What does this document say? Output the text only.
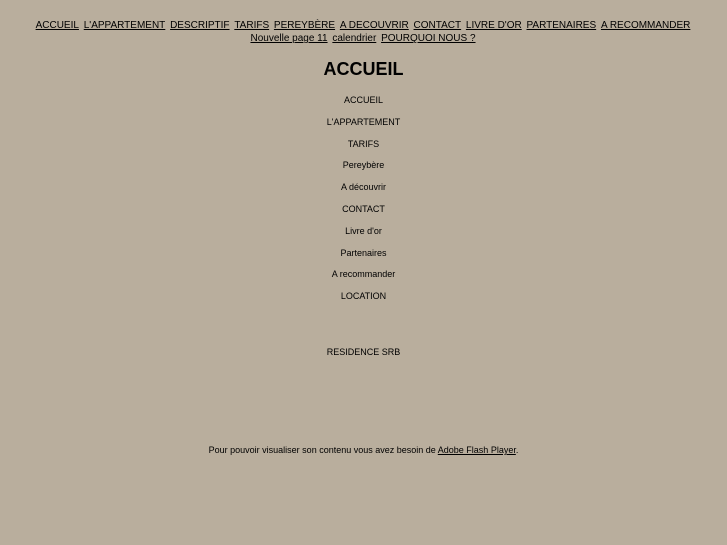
ACCUEIL L'APPARTEMENT DESCRIPTIF TARIFS PEREYBÈRE A DECOUVRIR CONTACT LIVRE D'OR PARTENAIRES A RECOMMANDER Nouvelle page 11 calendrier POURQUOI NOUS ?
ACCUEIL
ACCUEIL
L'APPARTEMENT
TARIFS
Pereybère
A découvrir
CONTACT
Livre d'or
Partenaires
A recommander
LOCATION
RESIDENCE SRB
Pour pouvoir visualiser son contenu vous avez besoin de Adobe Flash Player.
